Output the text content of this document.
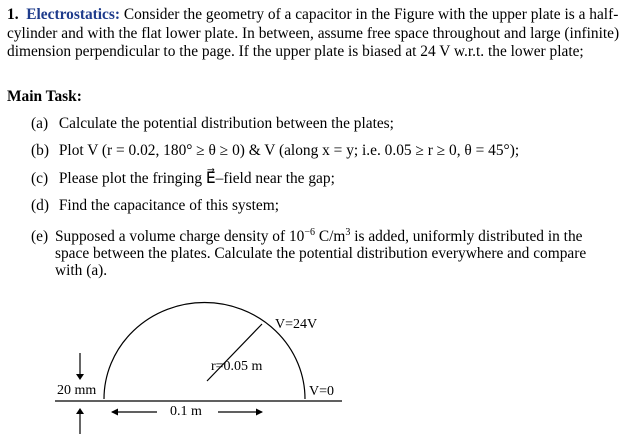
1. Electrostatics: Consider the geometry of a capacitor in the Figure with the upper plate is a half-cylinder and with the flat lower plate. In between, assume free space throughout and large (infinite) dimension perpendicular to the page. If the upper plate is biased at 24 V w.r.t. the lower plate;
Main Task:
(a) Calculate the potential distribution between the plates;
(b) Plot V (r = 0.02, 180° ≥ θ ≥ 0) & V (along x = y; i.e. 0.05 ≥ r ≥ 0, θ = 45°);
(c) Please plot the fringing E⃗–field near the gap;
(d) Find the capacitance of this system;
(e) Supposed a volume charge density of $10^{-6}$ $C/m^3$ is added, uniformly distributed in the
space between the plates. Calculate the potential distribution everywhere and compare with (a).
V=24V
r=0.05 m
20 mm	V=0
0.1 m
